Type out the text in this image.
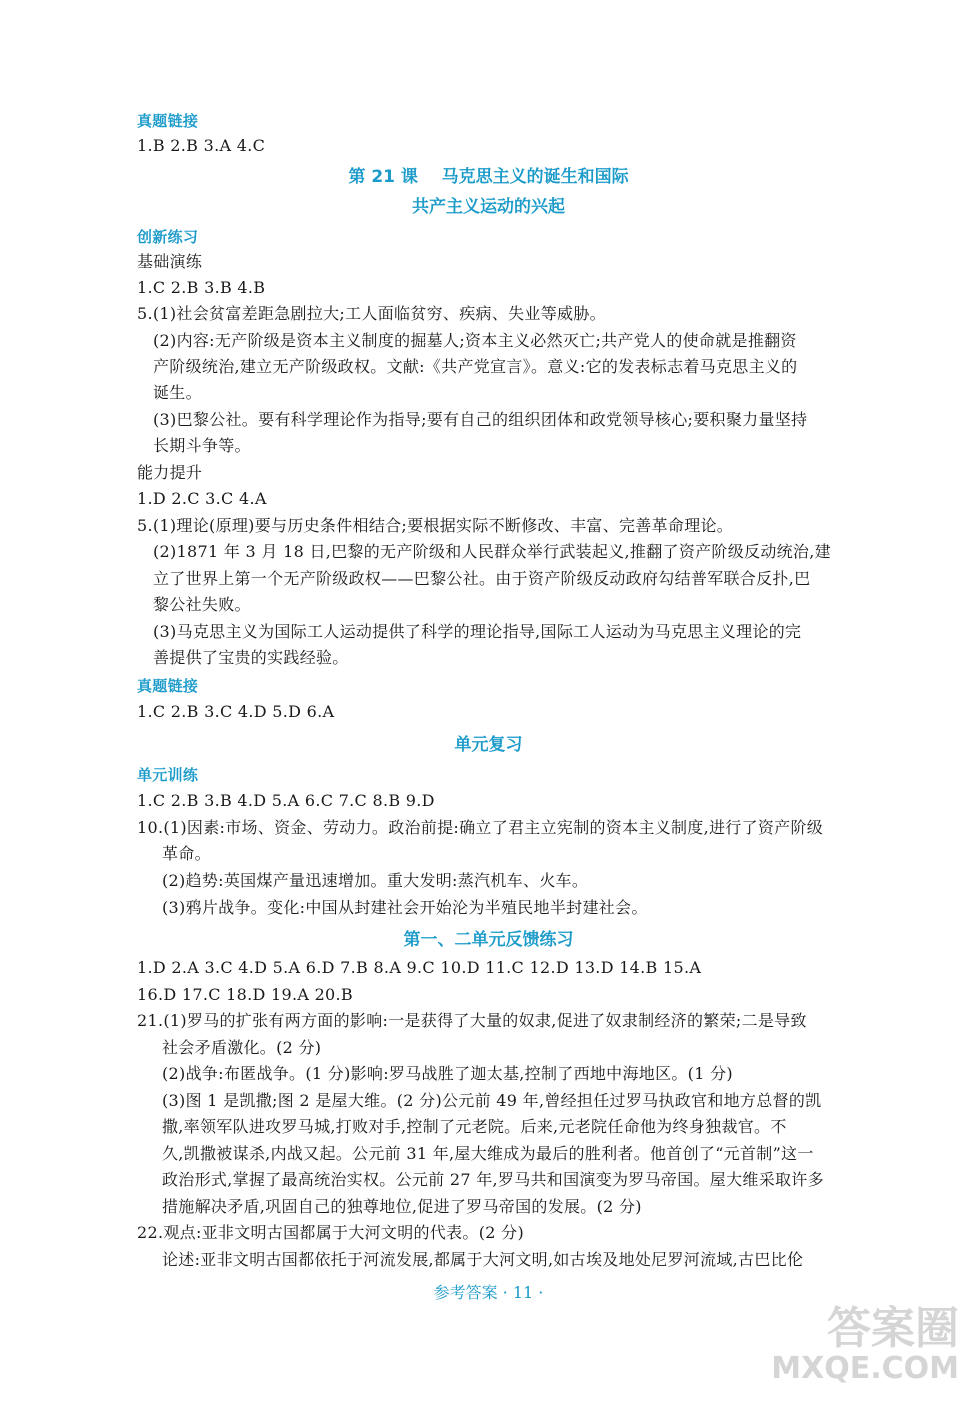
真题链接
1.B 2.B 3.A 4.C
第 21 课    马克思主义的诞生和国际
共产主义运动的兴起
创新练习
基础演练
1.C 2.B 3.B 4.B
5.(1)社会贫富差距急剧拉大;工人面临贫穷、疾病、失业等威胁。
(2)内容:无产阶级是资本主义制度的掘墓人;资本主义必然灭亡;共产党人的使命就是推翻资
产阶级统治,建立无产阶级政权。文献:《共产党宣言》。意义:它的发表标志着马克思主义的
诞生。
(3)巴黎公社。要有科学理论作为指导;要有自己的组织团体和政党领导核心;要积聚力量坚持
长期斗争等。
能力提升
1.D 2.C 3.C 4.A
5.(1)理论(原理)要与历史条件相结合;要根据实际不断修改、丰富、完善革命理论。
(2)1871 年 3 月 18 日,巴黎的无产阶级和人民群众举行武装起义,推翻了资产阶级反动统治,建
立了世界上第一个无产阶级政权——巴黎公社。由于资产阶级反动政府勾结普军联合反扑,巴
黎公社失败。
(3)马克思主义为国际工人运动提供了科学的理论指导,国际工人运动为马克思主义理论的完
善提供了宝贵的实践经验。
真题链接
1.C 2.B 3.C 4.D 5.D 6.A
单元复习
单元训练
1.C 2.B 3.B 4.D 5.A 6.C 7.C 8.B 9.D
10.(1)因素:市场、资金、劳动力。政治前提:确立了君主立宪制的资本主义制度,进行了资产阶级
革命。
(2)趋势:英国煤产量迅速增加。重大发明:蒸汽机车、火车。
(3)鸦片战争。变化:中国从封建社会开始沦为半殖民地半封建社会。
第一、二单元反馈练习
1.D 2.A 3.C 4.D 5.A 6.D 7.B 8.A 9.C 10.D 11.C 12.D 13.D 14.B 15.A
16.D 17.C 18.D 19.A 20.B
21.(1)罗马的扩张有两方面的影响:一是获得了大量的奴隶,促进了奴隶制经济的繁荣;二是导致
社会矛盾激化。(2 分)
(2)战争:布匿战争。(1 分)影响:罗马战胜了迦太基,控制了西地中海地区。(1 分)
(3)图 1 是凯撒;图 2 是屋大维。(2 分)公元前 49 年,曾经担任过罗马执政官和地方总督的凯
撒,率领军队进攻罗马城,打败对手,控制了元老院。后来,元老院任命他为终身独裁官。不
久,凯撒被谋杀,内战又起。公元前 31 年,屋大维成为最后的胜利者。他首创了“元首制”这一
政治形式,掌握了最高统治实权。公元前 27 年,罗马共和国演变为罗马帝国。屋大维采取许多
措施解决矛盾,巩固自己的独尊地位,促进了罗马帝国的发展。(2 分)
22.观点:亚非文明古国都属于大河文明的代表。(2 分)
论述:亚非文明古国都依托于河流发展,都属于大河文明,如古埃及地处尼罗河流域,古巴比伦
参考答案 · 11 ·
答案圈
MXQE.COM
